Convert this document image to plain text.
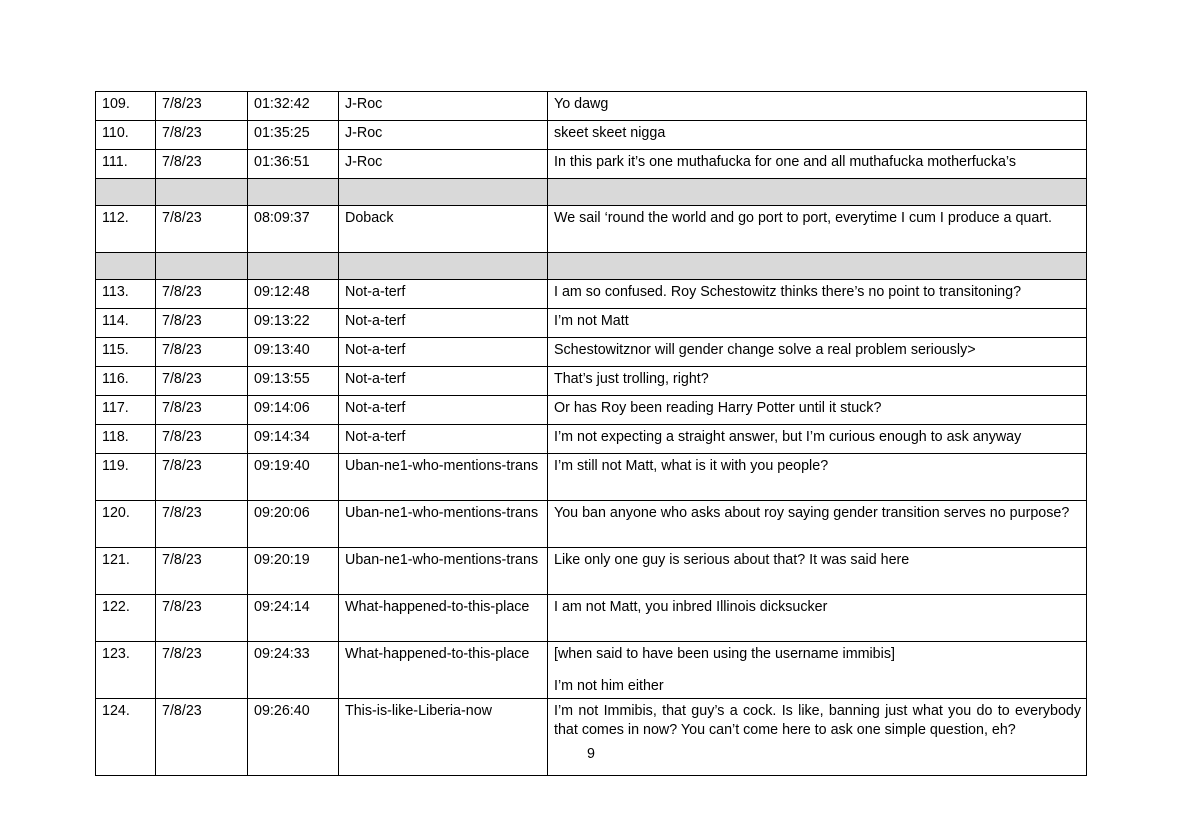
109.	7/8/23	01:32:42	J-Roc	Yo dawg

110.	7/8/23	01:35:25	J-Roc	skeet skeet nigga

111.	7/8/23	01:36:51	J-Roc	In this park it’s one muthafucka for one and all muthafucka motherfucka’s

112.	7/8/23	08:09:37	Doback	We sail ‘round the world and go port to port, everytime I cum I produce a quart.

113.	7/8/23	09:12:48	Not-a-terf	I am so confused. Roy Schestowitz thinks there’s no point to transitoning?

114.	7/8/23	09:13:22	Not-a-terf	I’m not Matt

115.	7/8/23	09:13:40	Not-a-terf	Schestowitznor will gender change solve a real problem seriously>

116.	7/8/23	09:13:55	Not-a-terf	That’s just trolling, right?

117.	7/8/23	09:14:06	Not-a-terf	Or has Roy been reading Harry Potter until it stuck?

118.	7/8/23	09:14:34	Not-a-terf	I’m not expecting a straight answer, but I’m curious enough to ask anyway

119.	7/8/23	09:19:40	Uban-ne1-who-mentions-trans	I’m still not Matt, what is it with you people?

120.	7/8/23	09:20:06	Uban-ne1-who-mentions-trans	You ban anyone who asks about roy saying gender transition serves no purpose?

121.	7/8/23	09:20:19	Uban-ne1-who-mentions-trans	Like only one guy is serious about that? It was said here

122.	7/8/23	09:24:14	What-happened-to-this-place	I am not Matt, you inbred Illinois dicksucker

123.	7/8/23	09:24:33	What-happened-to-this-place	[when said to have been using the username immibis]

I’m not him either

124.	7/8/23	09:26:40	This-is-like-Liberia-now	I’m not Immibis, that guy’s a cock. Is like, banning just what you do to everybody that comes in now? You can’t come here to ask one simple question, eh?

9
